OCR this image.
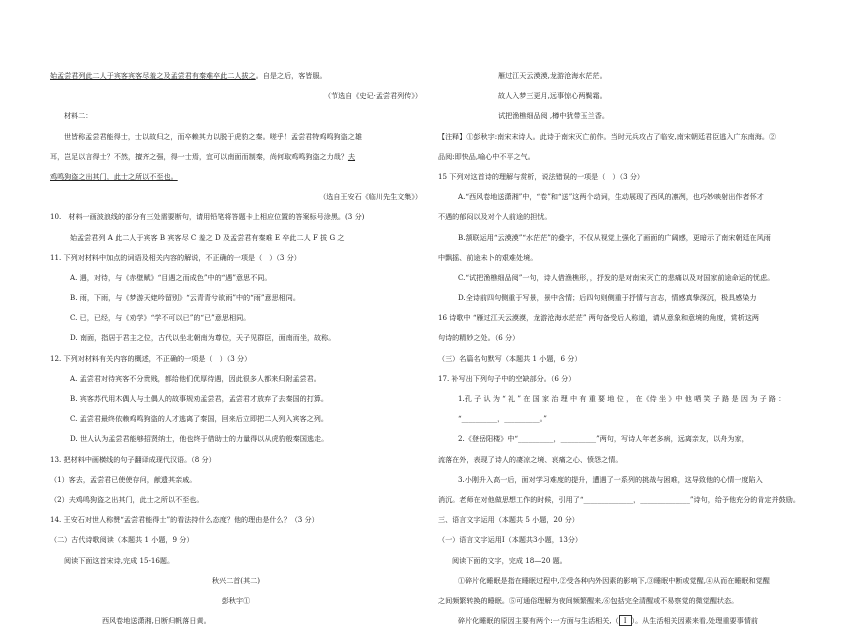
始孟尝君列此二人于宾客宾客尽羞之及孟尝君有秦难卒此二人拔之。自是之后，客皆服。
（节选自《史记·孟尝君列传》）
材料二：
世皆称孟尝君能得士，士以故归之，而卒赖其力以脱于虎豹之秦。嗟乎！孟尝君特鸡鸣狗盗之雄
耳，岂足以言得士？不然，擅齐之强，得一士焉，宜可以南面而制秦，尚何取鸡鸣狗盗之力哉？夫
鸡鸣狗盗之出其门，此士之所以不至也。
（选自王安石《临川先生文集》）
10.　材料一画波浪线的部分有三处需要断句，请用铅笔将答题卡上相应位置的答案标号涂黑。(3 分)
始孟尝君列 A 此二人于宾客 B 宾客尽 C 羞之 D 及孟尝君有秦难 E 卒此二人 F 拔 G 之
11. 下列对材料中加点的词语及相关内容的解说，不正确的一项是（　）（3 分）
A. 遇，对待，与《赤壁赋》“目遇之而成色”中的“遇”意思不同。
B. 雨，下雨，与《梦游天姥吟留别》“云青青兮欲雨”中的“雨”意思相同。
C. 已，已经，与《劝学》“学不可以已”的“已”意思相同。
D. 南面，指居于君主之位，古代以坐北朝南为尊位，天子见群臣，面南而坐，故称。
12. 下列对材料有关内容的概述，不正确的一项是（　）（3 分）
A. 孟尝君对待宾客不分贵贱，都给他们优厚待遇，因此很多人都来归附孟尝君。
B. 宾客苏代用木偶人与土偶人的故事规劝孟尝君，孟尝君才放弃了去秦国的打算。
C. 孟尝君最终依赖鸡鸣狗盗的人才逃离了秦国，回来后立即把二人列入宾客之列。
D. 世人认为孟尝君能够招贤纳士，他也终于借助士的力量得以从虎豹般秦国逃走。
13. 把材料中画横线的句子翻译成现代汉语。（8 分）
（1）客去，孟尝君已使使存问，献遗其亲戚。
（2）夫鸡鸣狗盗之出其门，此士之所以不至也。
14. 王安石对世人称赞“孟尝君能得士”的看法持什么态度？他的理由是什么？（3 分）
（二）古代诗歌阅读（本题共 1 小题，9 分）
阅读下面这首宋诗,完成 15-16题。
秋兴二首(其二)
彭秋宇①
西风卷地送潇湘,日断归帆落日黄。
雁过江天云漠漠,龙游沧海水茫茫。
故人入梦三更月,远事惊心两鬓霜。
试把渔樵细品阅 ,樽中犹带玉兰香。
【注释】①彭秋宇:南宋末诗人。此诗于南宋灭亡前作。当时元兵攻占了临安,南宋朝廷君臣逃入广东南海。②
品阅:即快品,喻心中不平之气。
15 下列对这首诗的理解与赏析，说法错误的一项是（　）（3 分）
A.“西风卷地送潇湘”中，“卷”和“送”这两个动词，生动展现了西风的凛冽，也巧妙映射出作者怀才
不遇的郁闷以及对个人前途的担忧。
B.颔联运用“云漠漠”“水茫茫”的叠字，不仅从视觉上强化了画面的广阔感，更暗示了南宋朝廷在风雨
中飘摇、前途未卜的艰难处境。
C.“试把渔樵细品阅”一句，诗人借渔樵形，，抒发的是对南宋灭亡的悲痛以及对国家前途命运的忧虑。
D.全诗前四句侧重于写景，景中含情；后四句则侧重于抒情与言志，情感真挚深沉，极具感染力
16 诗歌中 “雁过江天云漠漠，龙游沧海水茫茫” 两句备受后人称道，请从意象和意境的角度，赏析这两
句诗的精妙之处。（6 分）
（三）名篇名句默写（本题共 1 小题，6 分）
17. 补写出下列句子中的空缺部分。（6 分）
1.孔 子 认 为 “ 礼 ” 在 国 家 治 理 中 有 重 要 地 位 ， 在《侍 坐 》中 他 哂 笑 子 路 是 因 为 子 路 ：
“__________，__________。”
2.《登岳阳楼》中“__________，__________”两句，写诗人年老多病，远离亲友，以舟为家，
流落在外，表现了诗人的凄凉之境、哀痛之心、愤怨之情。
3.小刚升入高一后，面对学习难度的提升，遭遇了一系列的挑战与困难，这导致他的心情一度陷入
消沉。老师在对他做思想工作的时候，引用了“______________，______________”诗句，给予他充分的肯定并鼓励。
三、语言文字运用（本题共 5 小题，20 分）
（一）语言文字运用Ⅰ（本题共3小题，13分）
阅读下面的文字，完成 18—20 题。
①碎片化睡眠是指在睡眠过程中,②受各种内外因素的影响下,③睡眠中断或觉醒,④从而在睡眠和觉醒
之间频繁转换的睡眠。⑤可通俗理解为夜间频繁醒来,⑥包括完全清醒或不易察觉的微觉醒状态。
碎片化睡眠的原因主要有两个:一方面与生活相关,（ Ⅰ ）。从生活相关因素来看,处理重要事情前
